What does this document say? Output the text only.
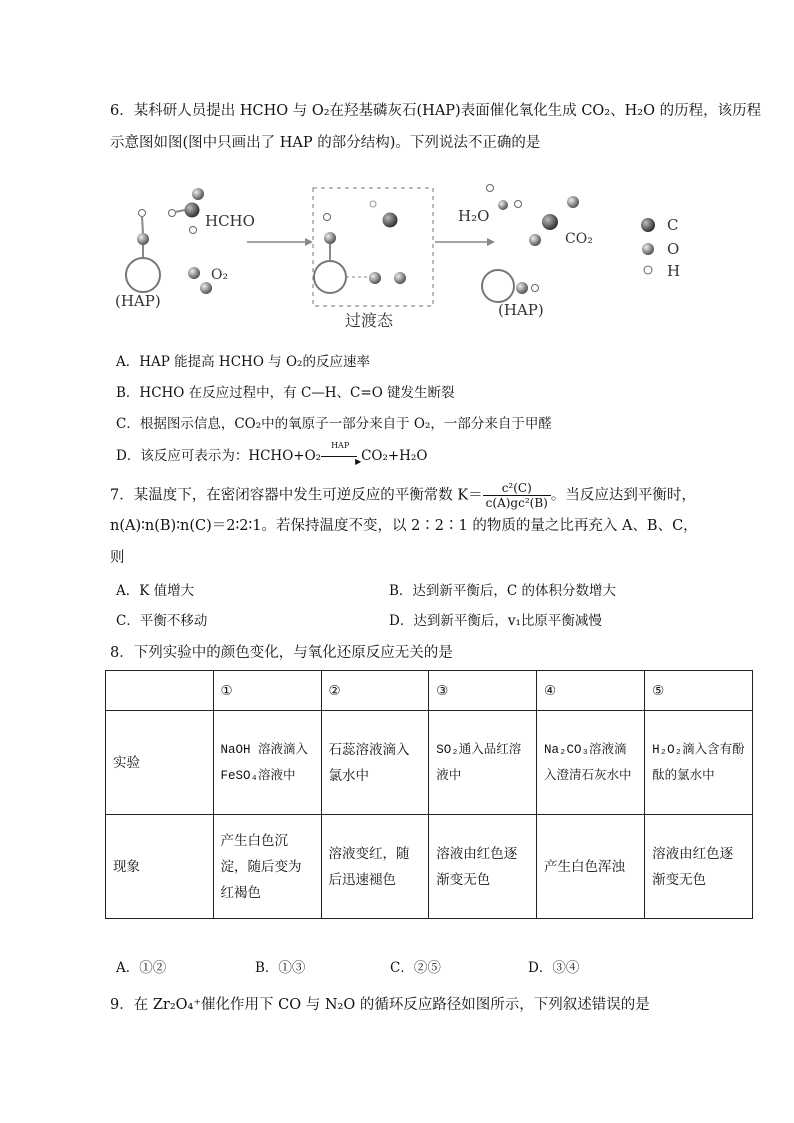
6．某科研人员提出 HCHO 与 O₂在羟基磷灰石(HAP)表面催化氧化生成 CO₂、H₂O 的历程，该历程
示意图如图(图中只画出了 HAP 的部分结构)。下列说法不正确的是
(HAP)
HCHO
O₂
过渡态
H₂O
CO₂
(HAP)
C
O
H
A．HAP 能提高 HCHO 与 O₂的反应速率
B．HCHO 在反应过程中，有 C—H、C=O 键发生断裂
C．根据图示信息，CO₂中的氧原子一部分来自于 O₂，一部分来自于甲醛
D．该反应可表示为：HCHO+O₂
HAP
▶ CO₂+H₂O
7．某温度下，在密闭容器中发生可逆反应的平衡常数 $K= \frac{\text{c²(C)}}{\text{c(A)gc²(B)}}$ 。当反应达到平衡时，
n(A)∶n(B)∶n(C)＝2∶2∶1。若保持温度不变，以 2∶2∶1 的物质的量之比再充入 A、B、C，
则
A．K 值增大	B．达到新平衡后，C 的体积分数增大
C．平衡不移动	D．达到新平衡后，v₁比原平衡减慢
8．下列实验中的颜色变化，与氧化还原反应无关的是
	①	②	③	④	⑤
实验	NaOH 溶液滴入 FeSO₄溶液中	石蕊溶液滴入氯水中	SO₂通入品红溶液中	Na₂CO₃溶液滴入澄清石灰水中	H₂O₂滴入含有酚酞的氯水中
现象	产生白色沉淀，随后变为红褐色	溶液变红，随后迅速褪色	溶液由红色逐渐变无色	产生白色浑浊	溶液由红色逐渐变无色
A．①②	B．①③	C．②⑤	D．③④
9．在 Zr₂O₄⁺催化作用下 CO 与 N₂O 的循环反应路径如图所示，下列叙述错误的是
